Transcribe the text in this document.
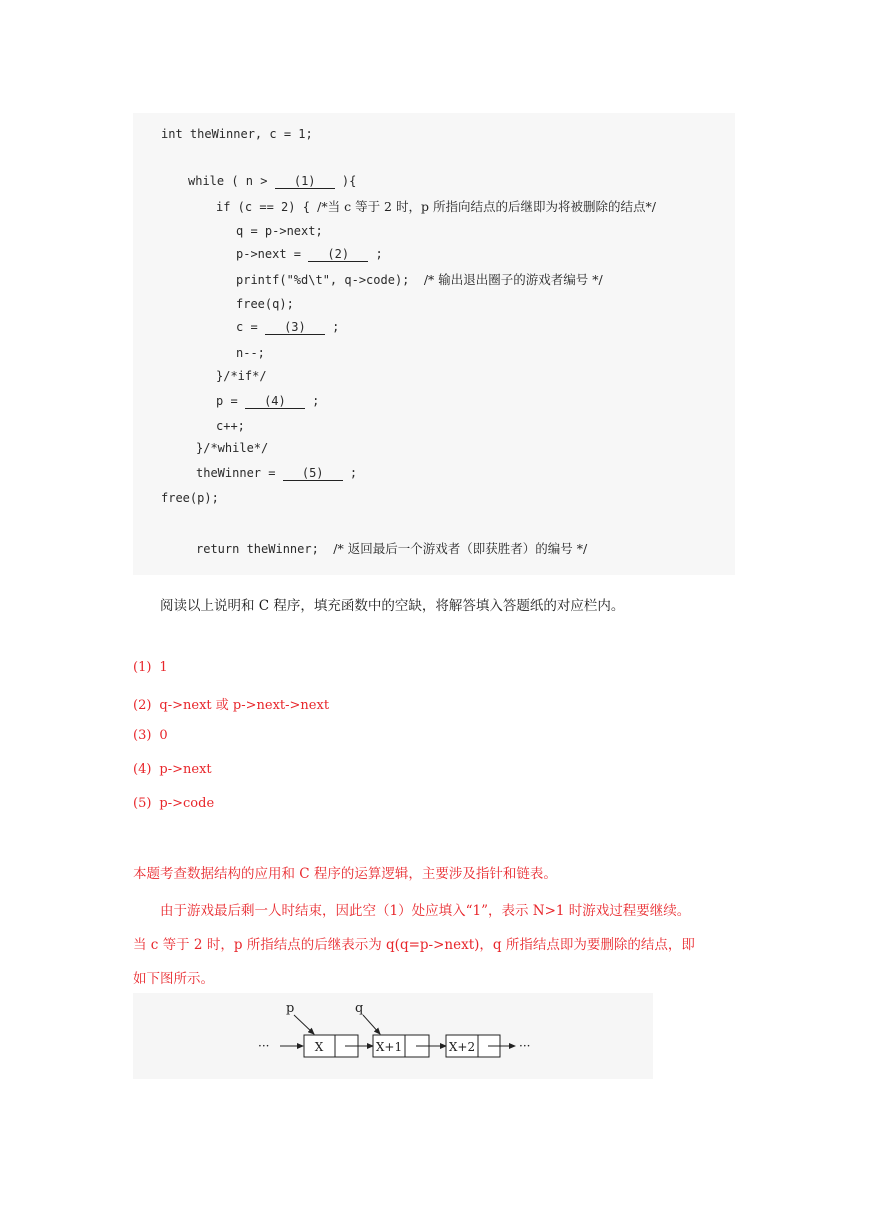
int theWinner, c = 1;
while ( n > (1) ){
if (c == 2) { /*当 c 等于 2 时，p 所指向结点的后继即为将被删除的结点*/
q = p->next;
p->next = (2) ;
printf("%d\t", q->code);  /* 输出退出圈子的游戏者编号 */
free(q);
c = (3) ;
n--;
}/*if*/
p = (4) ;
c++;
}/*while*/
theWinner = (5) ;
free(p);
return theWinner;  /* 返回最后一个游戏者（即获胜者）的编号 */
阅读以上说明和 C 程序，填充函数中的空缺，将解答填入答题纸的对应栏内。
(1) 1
(2) q->next 或 p->next->next
(3) 0
(4) p->next
(5) p->code
本题考查数据结构的应用和 C 程序的运算逻辑，主要涉及指针和链表。
由于游戏最后剩一人时结束，因此空（1）处应填入“1”，表示 N>1 时游戏过程要继续。
当 c 等于 2 时，p 所指结点的后继表示为 q(q=p->next)，q 所指结点即为要删除的结点，即
如下图所示。
p	q
···	X	X+1	X+2	···
